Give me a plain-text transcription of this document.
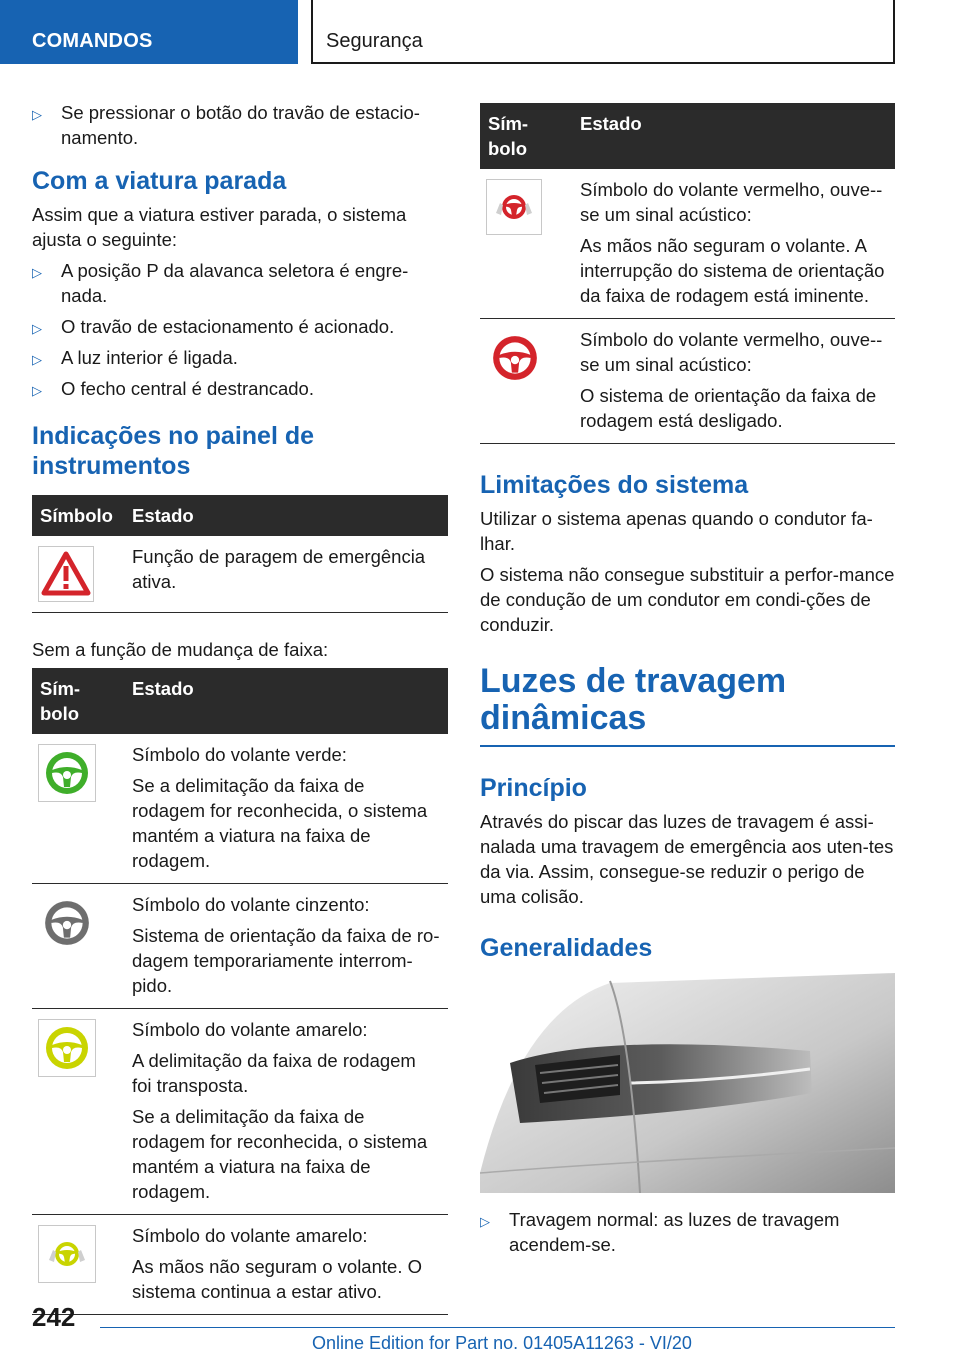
COMANDOS	Segurança
▷ Se pressionar o botão do travão de estacio-namento.
Com a viatura parada

Assim que a viatura estiver parada, o sistema ajusta o seguinte:

▷ A posição P da alavanca seletora é engre-nada.
▷ O travão de estacionamento é acionado.
▷ A luz interior é ligada.
▷ O fecho central é destrancado.
Indicações no painel de instrumentos
Símbolo	Estado

Função de paragem de emergência ativa.

Sem a função de mudança de faixa:

Sím-bolo	Estado

Símbolo do volante verde:

Se a delimitação da faixa de rodagem for reconhecida, o sistema mantém a viatura na faixa de rodagem.

Símbolo do volante cinzento:

Sistema de orientação da faixa de ro-dagem temporariamente interrom-pido.

Símbolo do volante amarelo:

A delimitação da faixa de rodagem foi transposta.

Se a delimitação da faixa de rodagem for reconhecida, o sistema mantém a viatura na faixa de rodagem.

Símbolo do volante amarelo:

As mãos não seguram o volante. O sistema continua a estar ativo.

Sím-bolo	Estado

Símbolo do volante vermelho, ouve--se um sinal acústico:

As mãos não seguram o volante. A interrupção do sistema de orientação da faixa de rodagem está iminente.

Símbolo do volante vermelho, ouve--se um sinal acústico:

O sistema de orientação da faixa de rodagem está desligado.

Limitações do sistema

Utilizar o sistema apenas quando o condutor fa-lhar.

O sistema não consegue substituir a perfor-mance de condução de um condutor em condi-ções de conduzir.

Luzes de travagem dinâmicas
Princípio

Através do piscar das luzes de travagem é assi-nalada uma travagem de emergência aos uten-tes da via. Assim, consegue-se reduzir o perigo de uma colisão.

Generalidades
▷ Travagem normal: as luzes de travagem acendem-se.
242
Online Edition for Part no. 01405A11263 - VI/20
